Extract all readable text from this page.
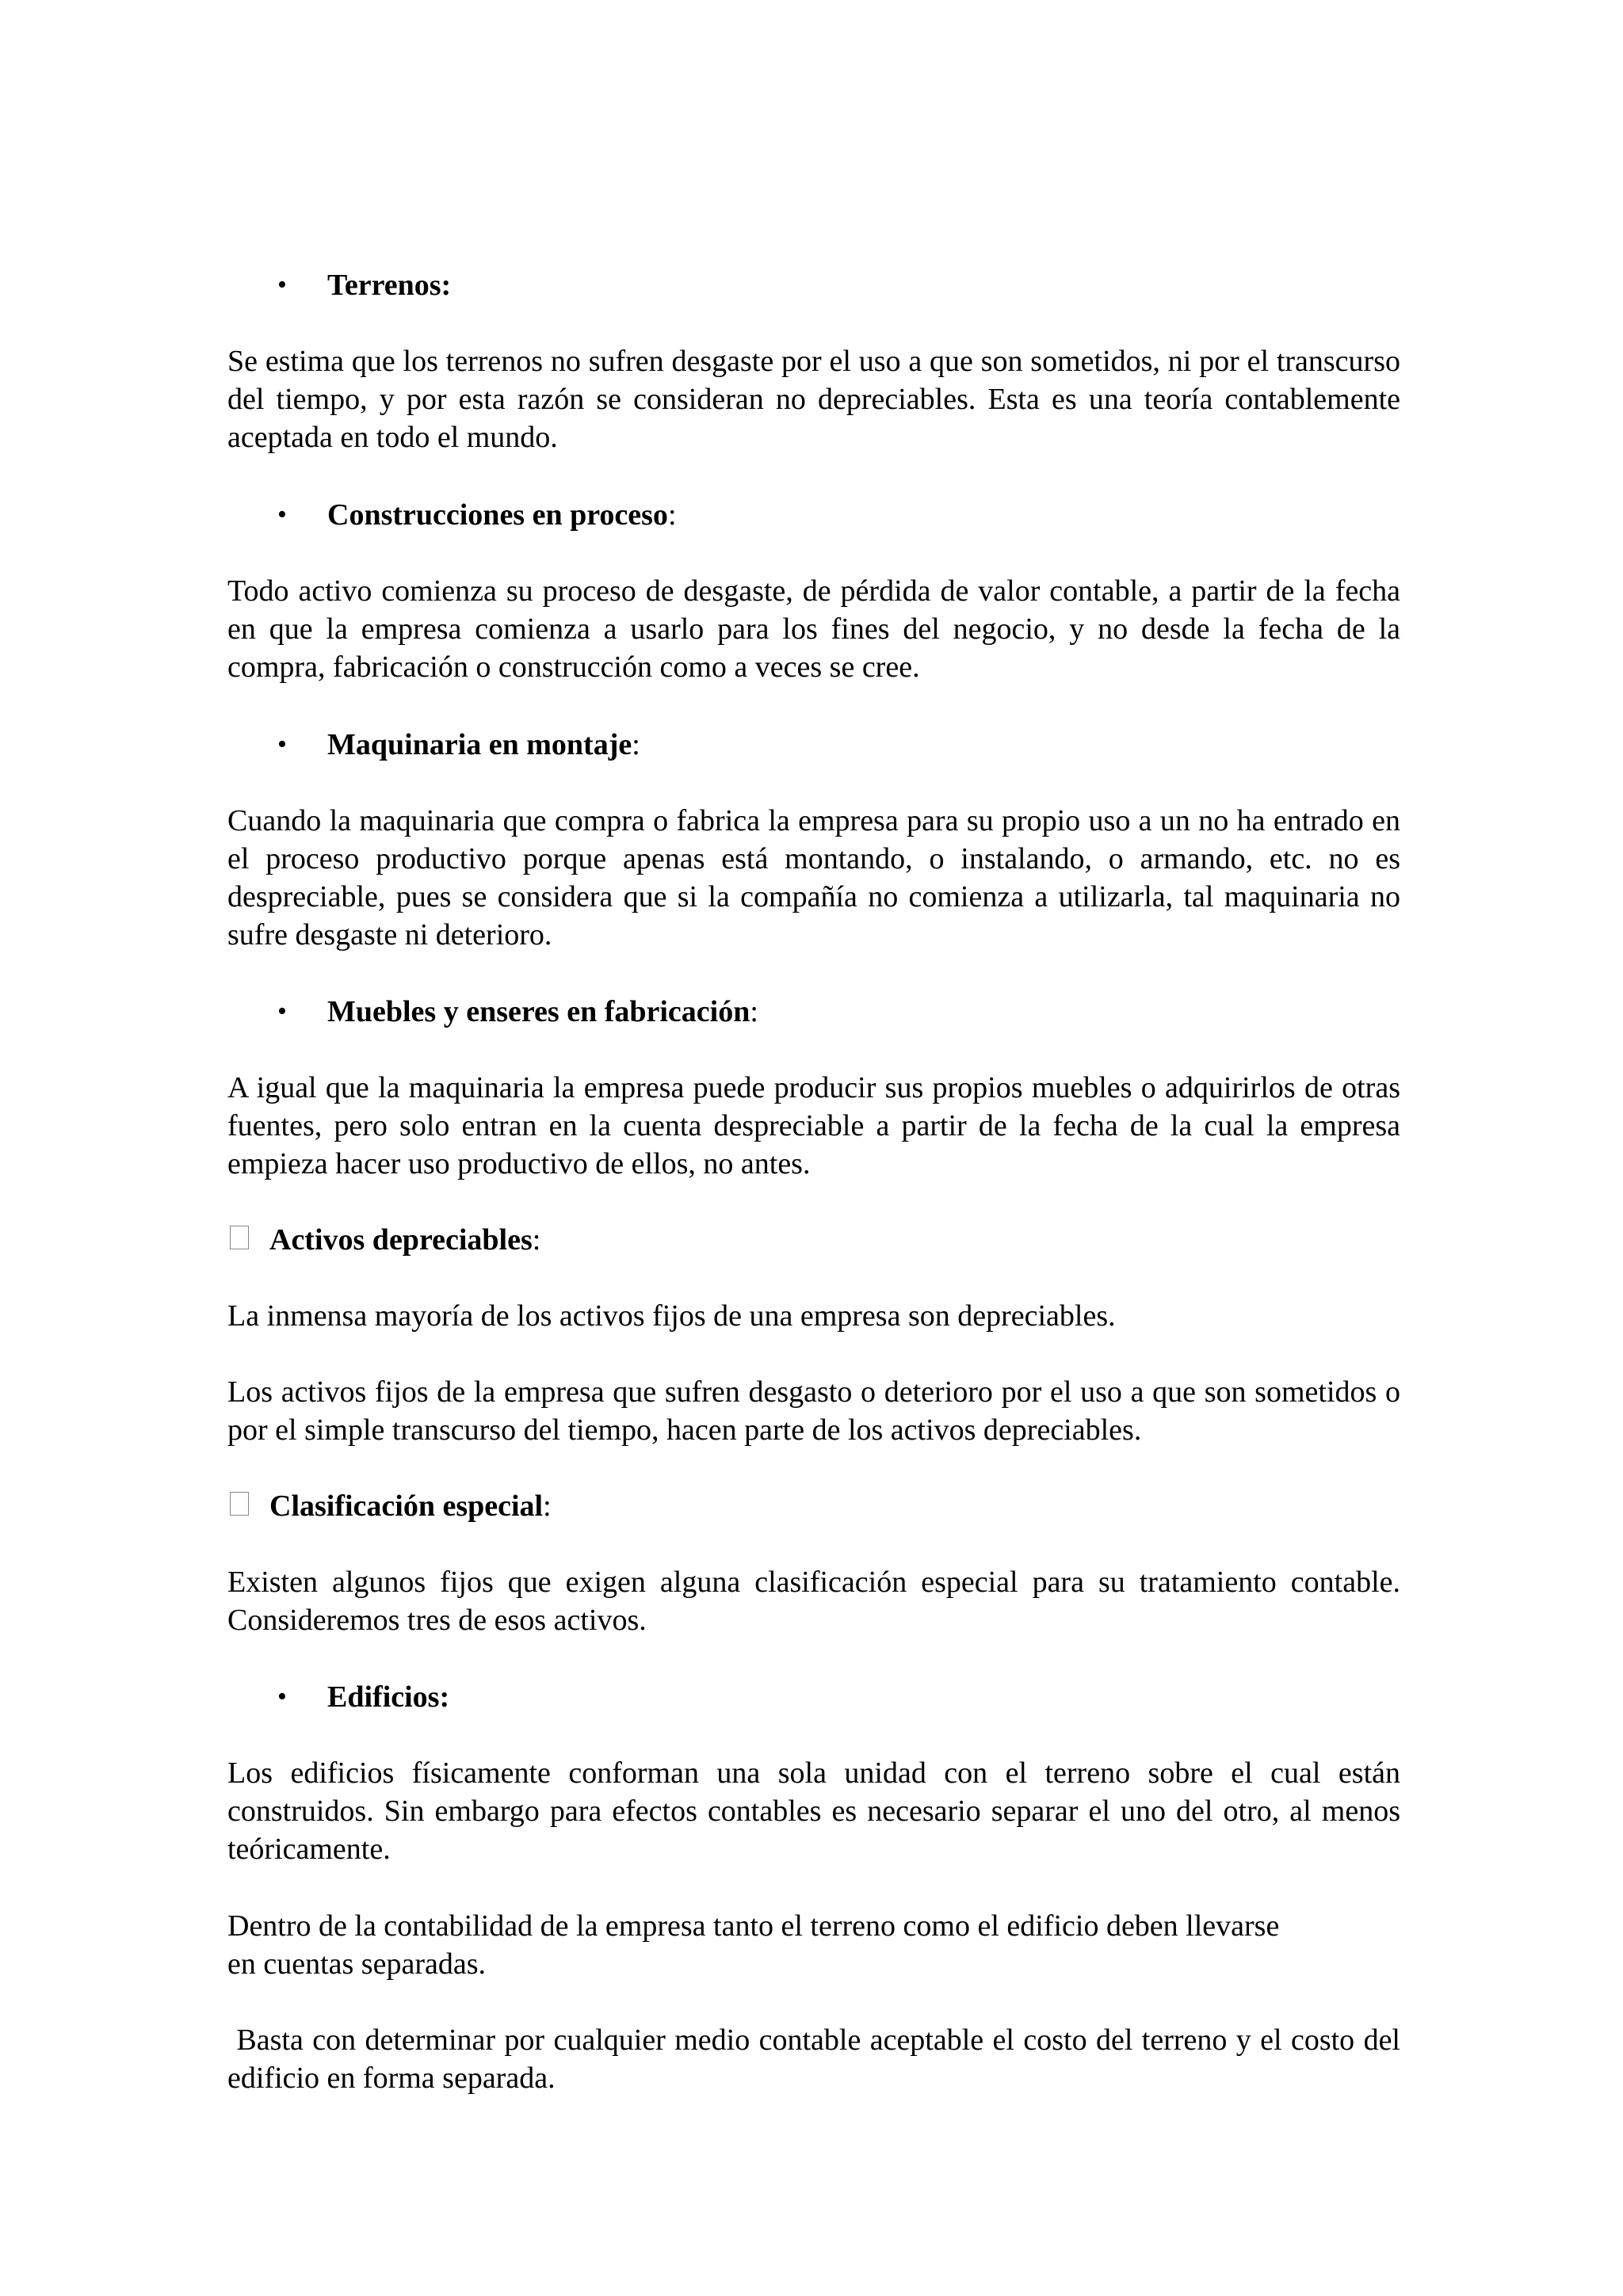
• Terrenos:

Se estima que los terrenos no sufren desgaste por el uso a que son sometidos, ni por el transcurso del tiempo, y por esta razón se consideran no depreciables. Esta es una teoría contablemente aceptada en todo el mundo.

• Construcciones en proceso:

Todo activo comienza su proceso de desgaste, de pérdida de valor contable, a partir de la fecha en que la empresa comienza a usarlo para los fines del negocio, y no desde la fecha de la compra, fabricación o construcción como a veces se cree.

• Maquinaria en montaje:

Cuando la maquinaria que compra o fabrica la empresa para su propio uso a un no ha entrado en el proceso productivo porque apenas está montando, o instalando, o armando, etc. no es despreciable, pues se considera que si la compañía no comienza a utilizarla, tal maquinaria no sufre desgaste ni deterioro.

• Muebles y enseres en fabricación:

A igual que la maquinaria la empresa puede producir sus propios muebles o adquirirlos de otras fuentes, pero solo entran en la cuenta despreciable a partir de la fecha de la cual la empresa empieza hacer uso productivo de ellos, no antes.

Activos depreciables:

La inmensa mayoría de los activos fijos de una empresa son depreciables.

Los activos fijos de la empresa que sufren desgasto o deterioro por el uso a que son sometidos o por el simple transcurso del tiempo, hacen parte de los activos depreciables.

Clasificación especial:

Existen algunos fijos que exigen alguna clasificación especial para su tratamiento contable. Consideremos tres de esos activos.

• Edificios:

Los edificios físicamente conforman una sola unidad con el terreno sobre el cual están construidos. Sin embargo para efectos contables es necesario separar el uno del otro, al menos teóricamente.

Dentro de la contabilidad de la empresa tanto el terreno como el edificio deben llevarse

en cuentas separadas.

Basta con determinar por cualquier medio contable aceptable el costo del terreno y el costo del edificio en forma separada.
